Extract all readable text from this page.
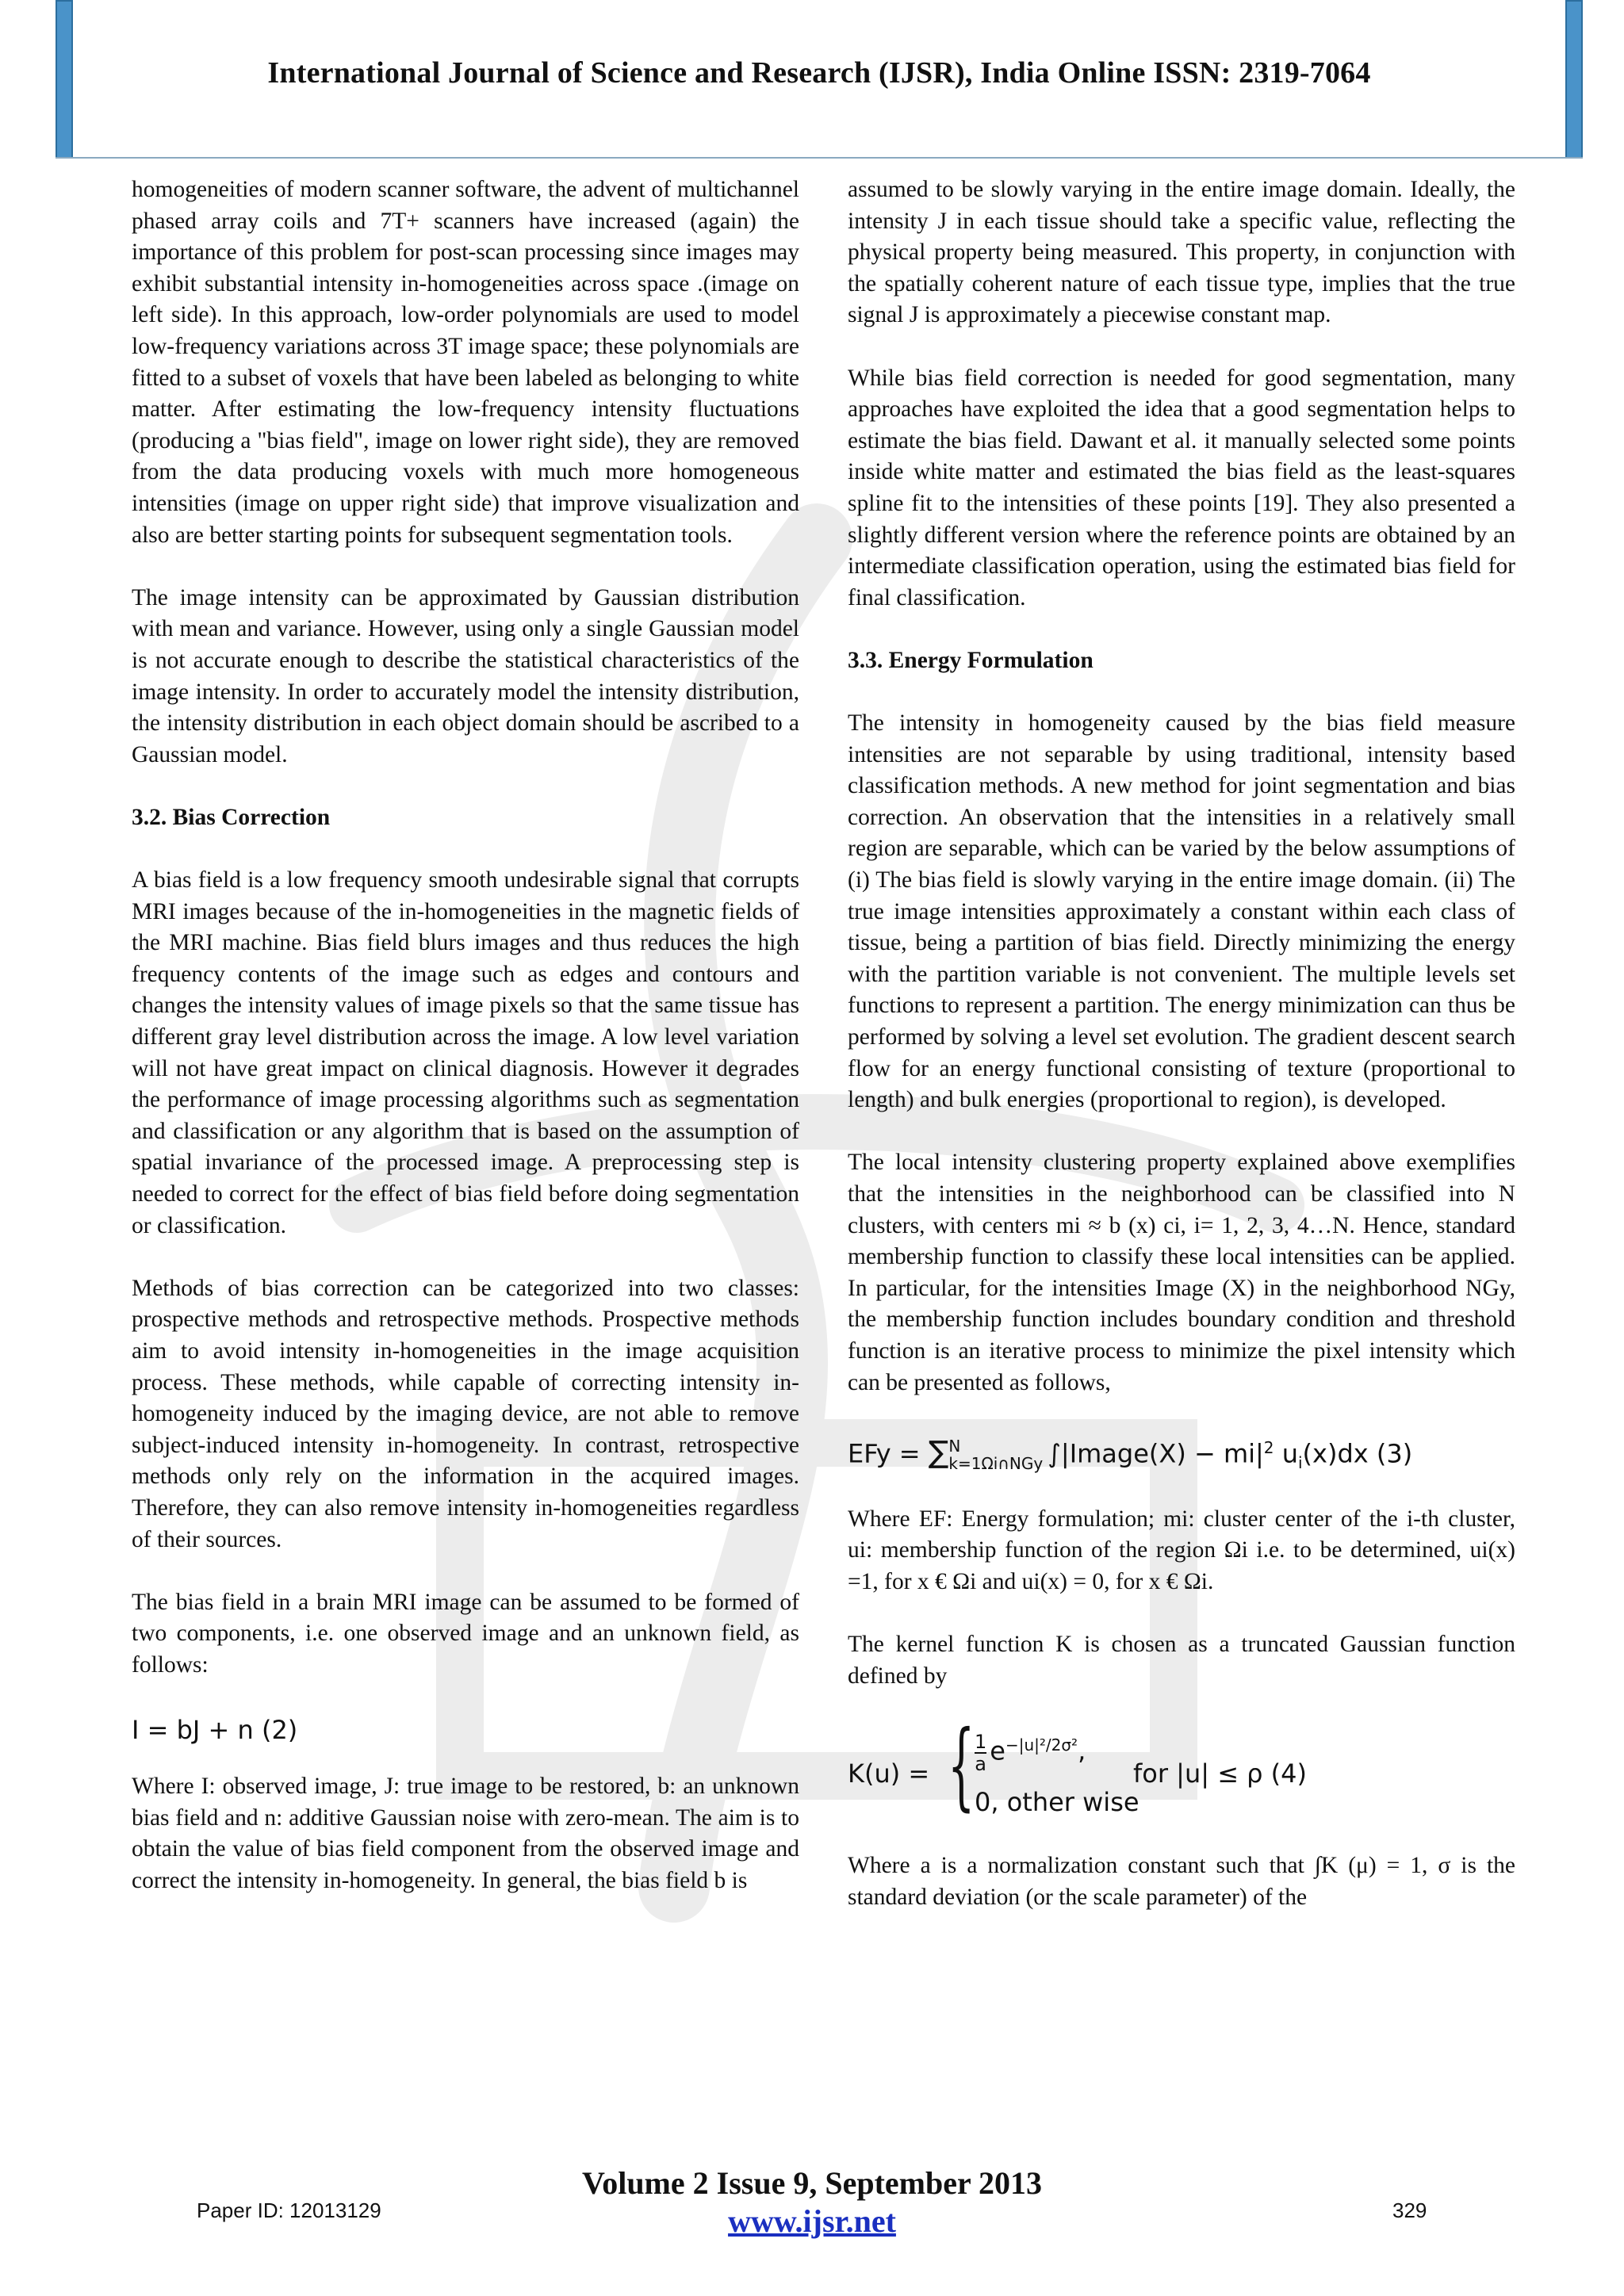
International Journal of Science and Research (IJSR), India Online ISSN: 2319-7064

homogeneities of modern scanner software, the advent of multichannel phased array coils and 7T+ scanners have increased (again) the importance of this problem for post-scan processing since images may exhibit substantial intensity in-homogeneities across space .(image on left side). In this approach, low-order polynomials are used to model low-frequency variations across 3T image space; these polynomials are fitted to a subset of voxels that have been labeled as belonging to white matter. After estimating the low-frequency intensity fluctuations (producing a "bias field", image on lower right side), they are removed from the data producing voxels with much more homogeneous intensities (image on upper right side) that improve visualization and also are better starting points for subsequent segmentation tools.

The image intensity can be approximated by Gaussian distribution with mean and variance. However, using only a single Gaussian model is not accurate enough to describe the statistical characteristics of the image intensity. In order to accurately model the intensity distribution, the intensity distribution in each object domain should be ascribed to a Gaussian model.

3.2. Bias Correction

A bias field is a low frequency smooth undesirable signal that corrupts MRI images because of the in-homogeneities in the magnetic fields of the MRI machine. Bias field blurs images and thus reduces the high frequency contents of the image such as edges and contours and changes the intensity values of image pixels so that the same tissue has different gray level distribution across the image. A low level variation will not have great impact on clinical diagnosis. However it degrades the performance of image processing algorithms such as segmentation and classification or any algorithm that is based on the assumption of spatial invariance of the processed image. A preprocessing step is needed to correct for the effect of bias field before doing segmentation or classification.

Methods of bias correction can be categorized into two classes: prospective methods and retrospective methods. Prospective methods aim to avoid intensity in-homogeneities in the image acquisition process. These methods, while capable of correcting intensity in-homogeneity induced by the imaging device, are not able to remove subject-induced intensity in-homogeneity. In contrast, retrospective methods only rely on the information in the acquired images. Therefore, they can also remove intensity in-homogeneities regardless of their sources.

The bias field in a brain MRI image can be assumed to be formed of two components, i.e. one observed image and an unknown field, as follows:

I = bJ + n (2)

Where I: observed image, J: true image to be restored, b: an unknown bias field and n: additive Gaussian noise with zero-mean. The aim is to obtain the value of bias field component from the observed image and correct the intensity in-homogeneity. In general, the bias field b is

assumed to be slowly varying in the entire image domain. Ideally, the intensity J in each tissue should take a specific value, reflecting the physical property being measured. This property, in conjunction with the spatially coherent nature of each tissue type, implies that the true signal J is approximately a piecewise constant map.

While bias field correction is needed for good segmentation, many approaches have exploited the idea that a good segmentation helps to estimate the bias field. Dawant et al. it manually selected some points inside white matter and estimated the bias field as the least-squares spline fit to the intensities of these points [19]. They also presented a slightly different version where the reference points are obtained by an intermediate classification operation, using the estimated bias field for final classification.

3.3. Energy Formulation

The intensity in homogeneity caused by the bias field measure intensities are not separable by using traditional, intensity based classification methods. A new method for joint segmentation and bias correction. An observation that the intensities in a relatively small region are separable, which can be varied by the below assumptions of (i) The bias field is slowly varying in the entire image domain. (ii) The true image intensities approximately a constant within each class of tissue, being a partition of bias field. Directly minimizing the energy with the partition variable is not convenient. The multiple levels set functions to represent a partition. The energy minimization can thus be performed by solving a level set evolution. The gradient descent search flow for an energy functional consisting of texture (proportional to length) and bulk energies (proportional to region), is developed.

The local intensity clustering property explained above exemplifies that the intensities in the neighborhood can be classified into N clusters, with centers mi ≈ b (x) ci, i= 1, 2, 3, 4…N. Hence, standard membership function to classify these local intensities can be applied. In particular, for the intensities Image (X) in the neighborhood NGy, the membership function includes boundary condition and threshold function is an iterative process to minimize the pixel intensity which can be presented as follows,

EFy = ∑ N
k=1Ωi∩NGy ∫|Image(X) − $mi|^2$ $u_i(x)dx$ (3)

Where EF: Energy formulation; mi: cluster center of the i-th cluster, ui: membership function of the region Ωi i.e. to be determined, ui(x) =1, for x € Ωi and ui(x) = 0, for x € Ωi.

The kernel function K is chosen as a truncated Gaussian function defined by

K(u) = { $\frac{1}{a} e^{-|u|^2/2\sigma^2}$,
0, other wise
for |u| ≤ ρ (4)

Where a is a normalization constant such that ∫K (μ) = 1, σ is the standard deviation (or the scale parameter) of the

Volume 2 Issue 9, September 2013
www.ijsr.net
Paper ID: 12013129	329
